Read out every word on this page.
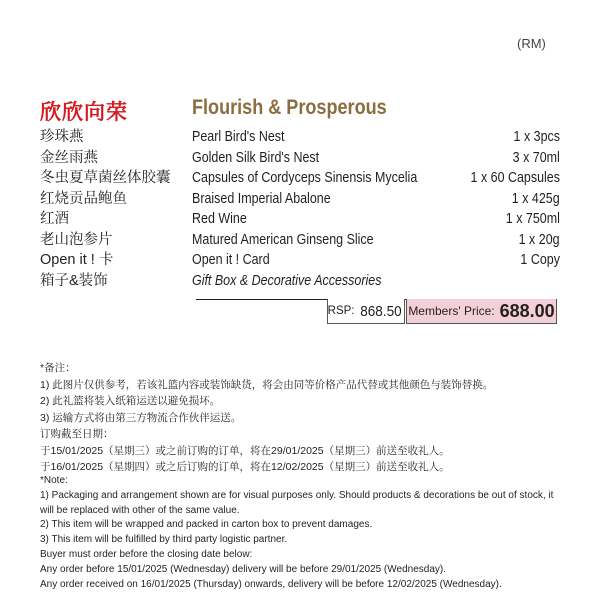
(RM)
欣欣向荣	Flourish & Prosperous
珍珠燕	Pearl Bird's Nest	1 x 3pcs
金丝雨燕	Golden Silk Bird's Nest	3 x 70ml
冬虫夏草菌丝体胶囊 Capsules of Cordyceps Sinensis Mycelia	1 x 60 Capsules
红烧贡品鲍鱼	Braised Imperial Abalone	1 x 425g
红酒	Red Wine	1 x 750ml
老山泡参片	Matured American Ginseng Slice	1 x 20g
Open it ! 卡	Open it ! Card	1 Copy
箱子&装饰	Gift Box & Decorative Accessories
RSP: 868.50 Members' Price: 688.00
*备注：
1) 此图片仅供参考，若该礼篮内容或装饰缺货，将会由同等价格产品代替或其他颜色与装饰替换。
2) 此礼篮将装入纸箱运送以避免损坏。
3) 运输方式将由第三方物流合作伙伴运送。
订购截至日期：
于15/01/2025（星期三）或之前订购的订单，将在29/01/2025（星期三）前送至收礼人。
于16/01/2025（星期四）或之后订购的订单，将在12/02/2025（星期三）前送至收礼人。
*Note:
1) Packaging and arrangement shown are for visual purposes only. Should products & decorations be out of stock, it will be replaced with other of the same value.
2) This item will be wrapped and packed in carton box to prevent damages.
3) This item will be fulfilled by third party logistic partner.
Buyer must order before the closing date below:
Any order before 15/01/2025 (Wednesday) delivery will be before 29/01/2025 (Wednesday).
Any order received on 16/01/2025 (Thursday) onwards, delivery will be before 12/02/2025 (Wednesday).
